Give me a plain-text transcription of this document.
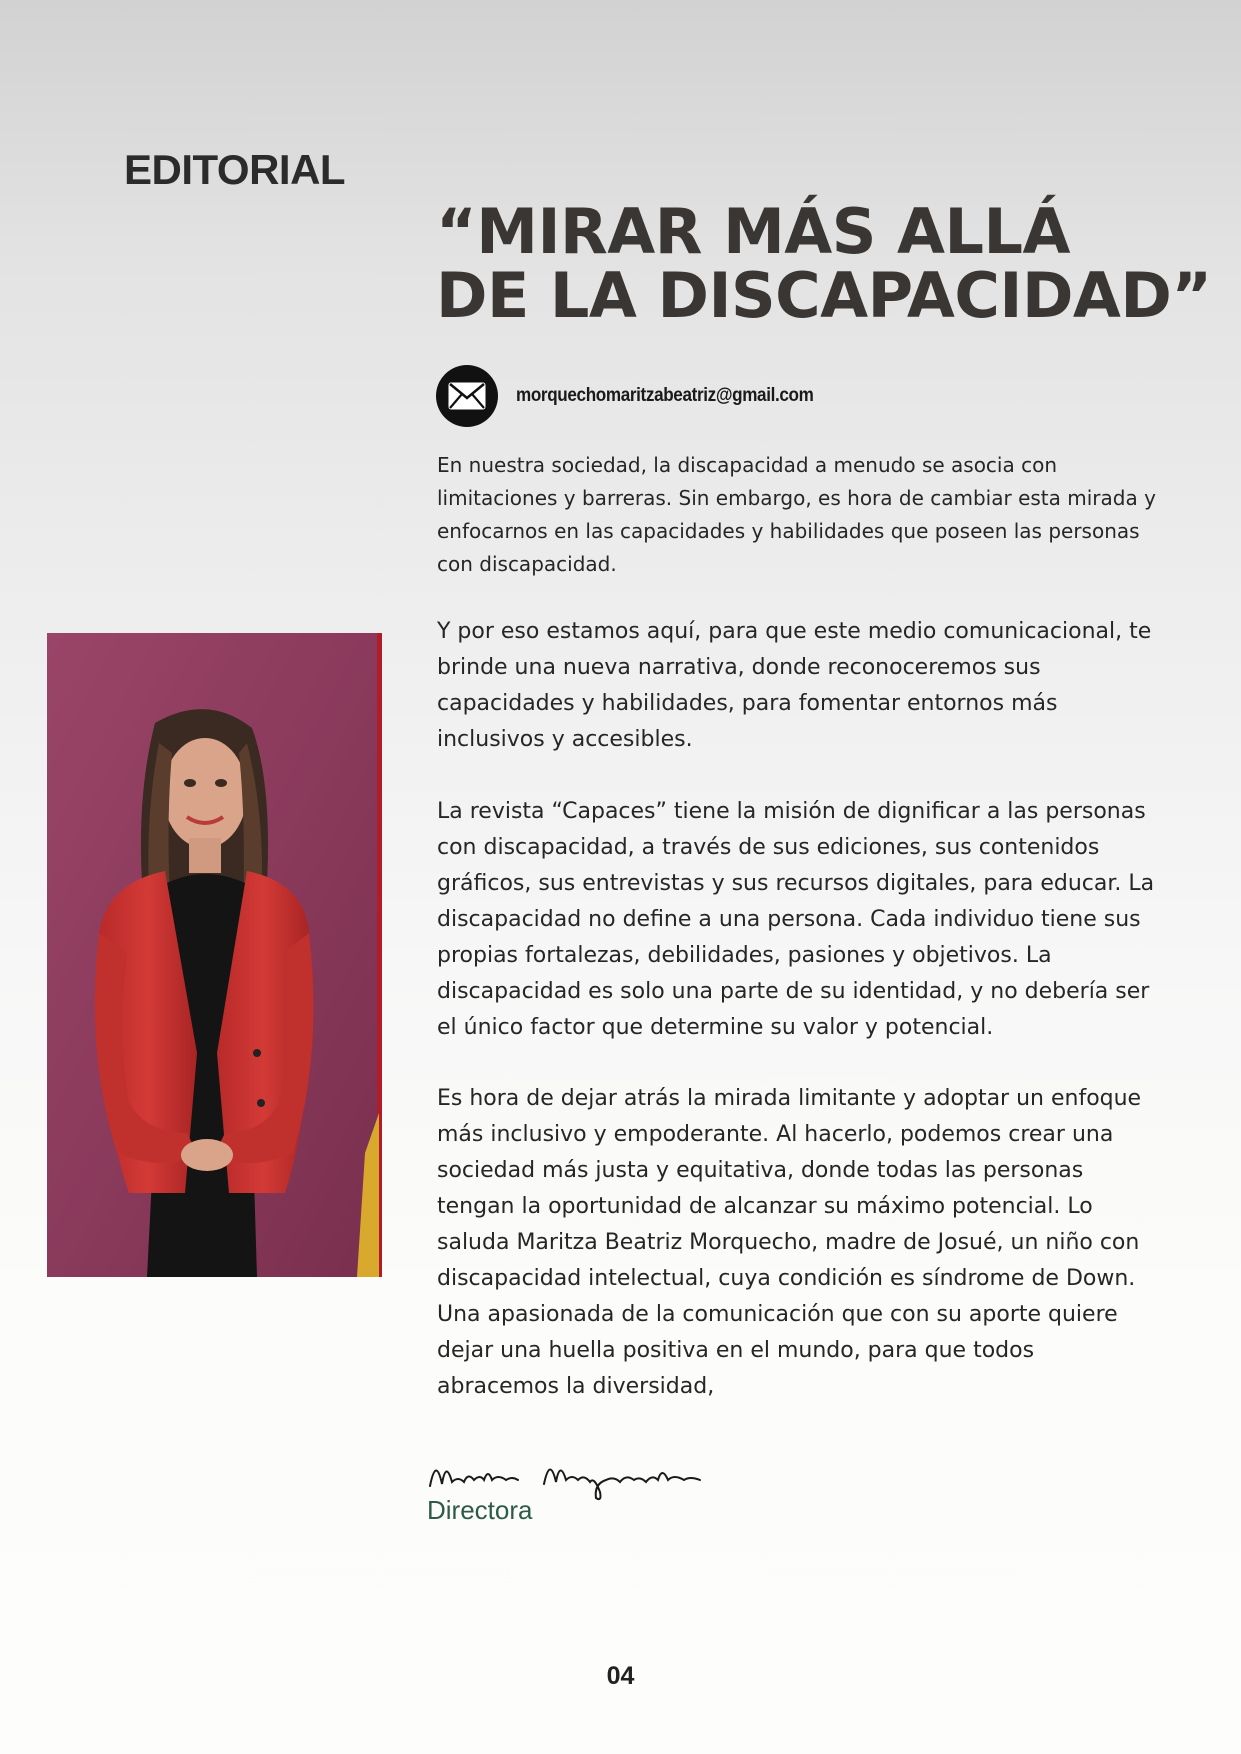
EDITORIAL
“MIRAR MÁS ALLÁ
DE LA DISCAPACIDAD”
morquechomaritzabeatriz@gmail.com

En nuestra sociedad, la discapacidad a menudo se asocia con limitaciones y barreras. Sin embargo, es hora de cambiar esta mirada y enfocarnos en las capacidades y habilidades que poseen las personas con discapacidad.

Y por eso estamos aquí, para que este medio comunicacional, te brinde una nueva narrativa, donde reconoceremos sus capacidades y habilidades, para fomentar entornos más inclusivos y accesibles.

La revista “Capaces” tiene la misión de dignificar a las personas con discapacidad, a través de sus ediciones, sus contenidos gráficos, sus entrevistas y sus recursos digitales, para educar. La discapacidad no define a una persona. Cada individuo tiene sus propias fortalezas, debilidades, pasiones y objetivos. La discapacidad es solo una parte de su identidad, y no debería ser el único factor que determine su valor y potencial.

Es hora de dejar atrás la mirada limitante y adoptar un enfoque más inclusivo y empoderante. Al hacerlo, podemos crear una sociedad más justa y equitativa, donde todas las personas tengan la oportunidad de alcanzar su máximo potencial. Lo saluda Maritza Beatriz Morquecho, madre de Josué, un niño con discapacidad intelectual, cuya condición es síndrome de Down. Una apasionada de la comunicación que con su aporte quiere dejar una huella positiva en el mundo, para que todos abracemos la diversidad,

Directora

04
